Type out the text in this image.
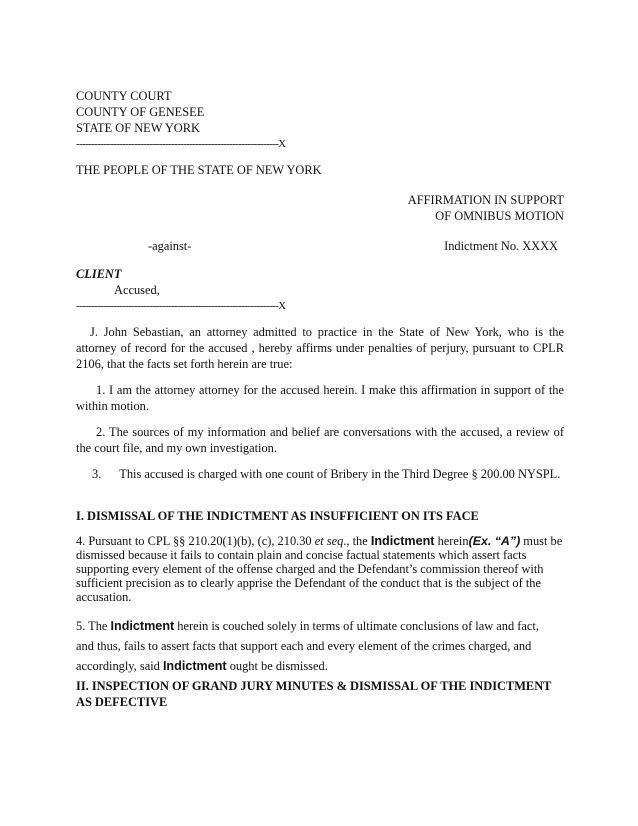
COUNTY COURT
COUNTY OF GENESEE
STATE OF NEW YORK
------------------------------------------------------------------X
THE PEOPLE OF THE STATE OF NEW YORK
AFFIRMATION IN SUPPORT
OF OMNIBUS MOTION
-against-	Indictment No. XXXX
CLIENT
Accused,
------------------------------------------------------------------X
J. John Sebastian, an attorney admitted to practice in the State of New York, who is the attorney of record for the accused , hereby affirms under penalties of perjury, pursuant to CPLR 2106, that the facts set forth herein are true:
1. I am the attorney attorney for the accused herein. I make this affirmation in support of the within motion.
2. The sources of my information and belief are conversations with the accused, a review of the court file, and my own investigation.
3. This accused is charged with one count of Bribery in the Third Degree § 200.00 NYSPL.
I. DISMISSAL OF THE INDICTMENT AS INSUFFICIENT ON ITS FACE
4. Pursuant to CPL §§ 210.20(1)(b), (c), 210.30 et seq., the Indictment herein(Ex. “A”) must be dismissed because it fails to contain plain and concise factual statements which assert facts supporting every element of the offense charged and the Defendant’s commission thereof with sufficient precision as to clearly apprise the Defendant of the conduct that is the subject of the accusation.
5. The Indictment herein is couched solely in terms of ultimate conclusions of law and fact,
and thus, fails to assert facts that support each and every element of the crimes charged, and
accordingly, said Indictment ought be dismissed.
II. INSPECTION OF GRAND JURY MINUTES & DISMISSAL OF THE INDICTMENT AS DEFECTIVE
